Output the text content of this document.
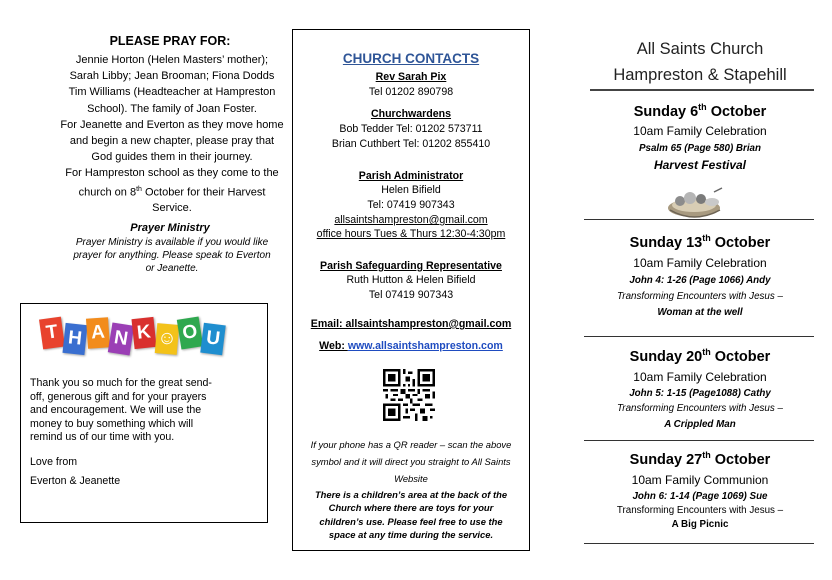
PLEASE PRAY FOR:
Jennie Horton (Helen Masters’ mother);
Sarah Libby; Jean Brooman; Fiona Dodds
Tim Williams (Headteacher at Hampreston
School). The family of Joan Foster.
For Jeanette and Everton as they move home
and begin a new chapter, please pray that
God guides them in their journey.
For Hampreston school as they come to the
church on 8th October for their Harvest
Service.
Prayer Ministry
Prayer Ministry is available if you would like
prayer for anything. Please speak to Everton
or Jeanette.
T H A N K ☺ O U
Thank you so much for the great send-
off, generous gift and for your prayers
and encouragement. We will use the
money to buy something which will
remind us of our time with you.
Love from
Everton & Jeanette
CHURCH CONTACTS
Rev Sarah Pix
Tel 01202 890798
Churchwardens
Bob Tedder Tel: 01202 573711
Brian Cuthbert Tel: 01202 855410
Parish Administrator
Helen Bifield
Tel: 07419 907343
allsaintshampreston@gmail.com
office hours Tues & Thurs 12:30-4:30pm
Parish Safeguarding Representative
Ruth Hutton & Helen Bifield
Tel 07419 907343
Email: allsaintshampreston@gmail.com
Web: www.allsaintshampreston.com
If your phone has a QR reader – scan the above
symbol and it will direct you straight to All Saints
Website
There is a children’s area at the back of the
Church where there are toys for your
children’s use. Please feel free to use the
space at any time during the service.
All Saints Church
Hampreston & Stapehill
Sunday 6th October
10am Family Celebration
Psalm 65 (Page 580) Brian
Harvest Festival
Sunday 13th October
10am Family Celebration
John 4: 1-26 (Page 1066) Andy
Transforming Encounters with Jesus –
Woman at the well
Sunday 20th October
10am Family Celebration
John 5: 1-15 (Page1088) Cathy
Transforming Encounters with Jesus –
A Crippled Man
Sunday 27th October
10am Family Communion
John 6: 1-14 (Page 1069) Sue
Transforming Encounters with Jesus –
A Big Picnic
